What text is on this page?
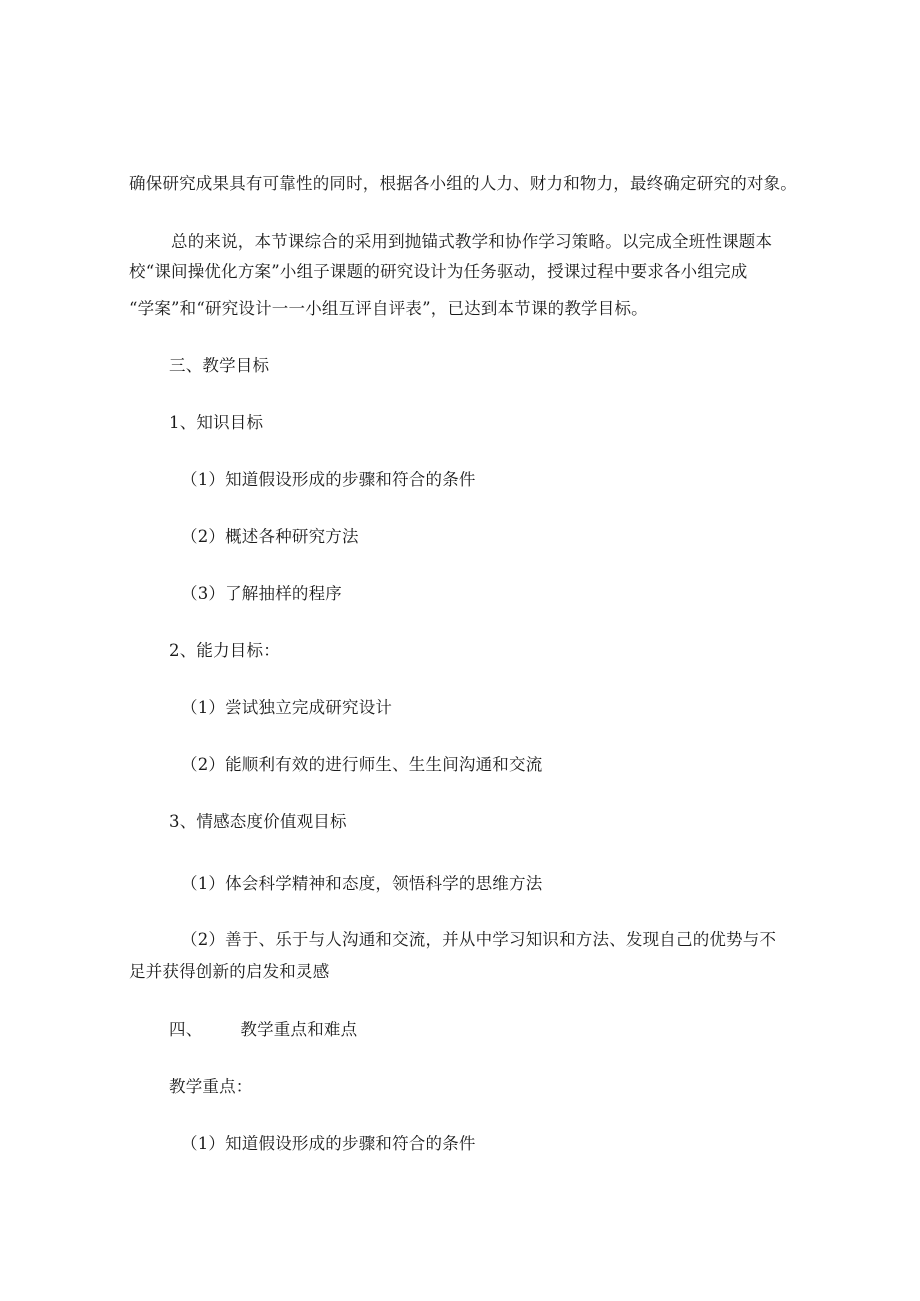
确保研究成果具有可靠性的同时，根据各小组的人力、财力和物力，最终确定研究的对象。
总的来说，本节课综合的采用到抛锚式教学和协作学习策略。以完成全班性课题本
校“课间操优化方案”小组子课题的研究设计为任务驱动，授课过程中要求各小组完成
“学案”和“研究设计一一小组互评自评表”，已达到本节课的教学目标。
三、教学目标
1、知识目标
（1）知道假设形成的步骤和符合的条件
（2）概述各种研究方法
（3）了解抽样的程序
2、能力目标：
（1）尝试独立完成研究设计
（2）能顺利有效的进行师生、生生间沟通和交流
3、情感态度价值观目标
（1）体会科学精神和态度，领悟科学的思维方法
（2）善于、乐于与人沟通和交流，并从中学习知识和方法、发现自己的优势与不
足并获得创新的启发和灵感
四、 教学重点和难点
教学重点：
（1）知道假设形成的步骤和符合的条件
